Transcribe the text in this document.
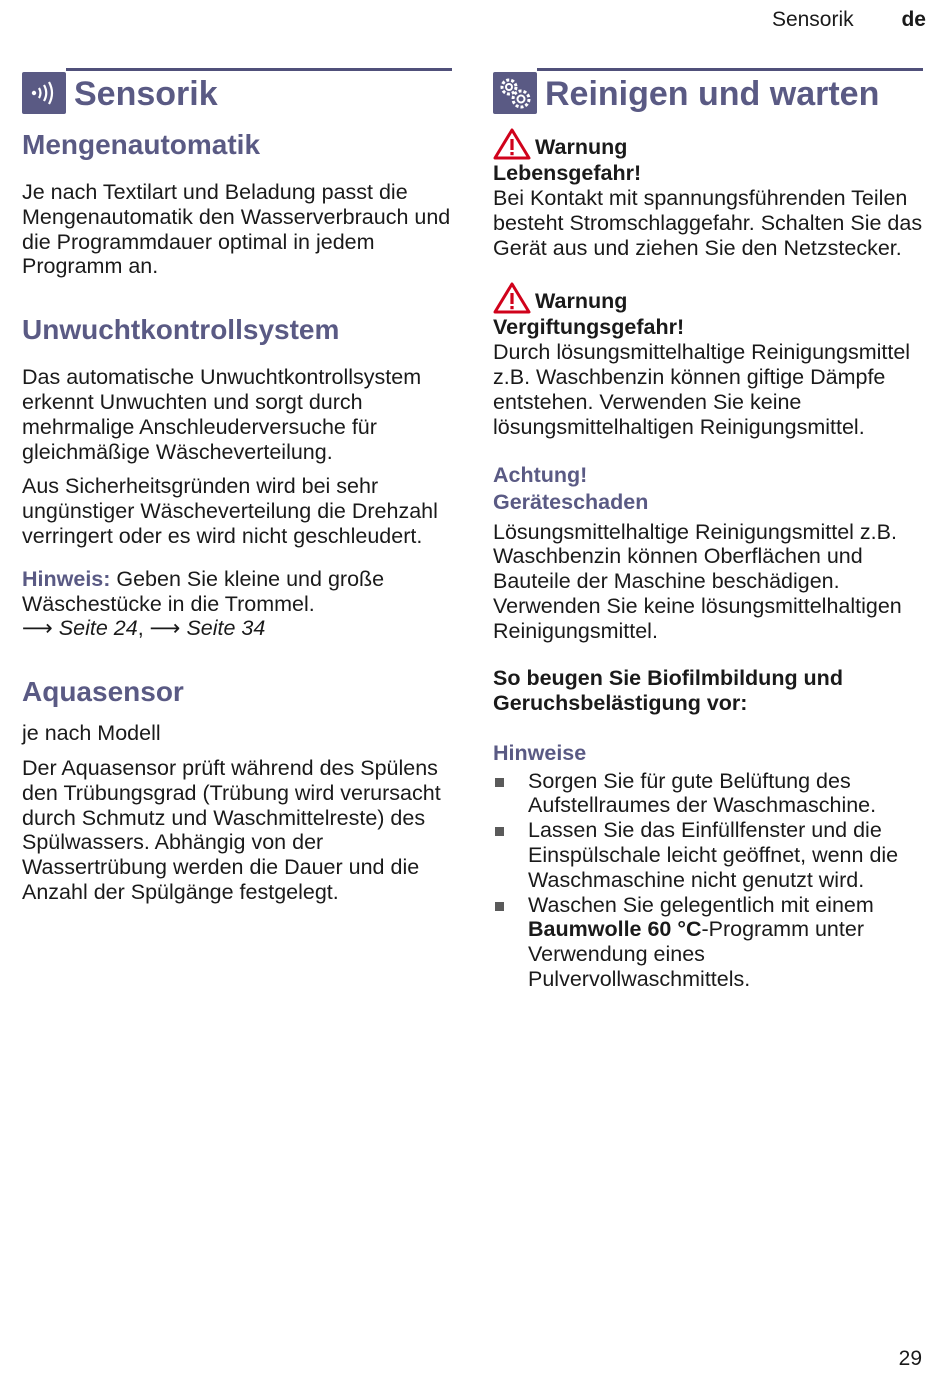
Sensorik de
Sensorik
Mengenautomatik

Je nach Textilart und Beladung passt die Mengenautomatik den Wasserverbrauch und die Programmdauer optimal in jedem Programm an.

Unwuchtkontrollsystem

Das automatische Unwuchtkontrollsystem erkennt Unwuchten und sorgt durch mehrmalige Anschleuderversuche für gleichmäßige Wäscheverteilung.

Aus Sicherheitsgründen wird bei sehr ungünstiger Wäscheverteilung die Drehzahl verringert oder es wird nicht geschleudert.

Hinweis: Geben Sie kleine und große Wäschestücke in die Trommel.
⟶ Seite 24, ⟶ Seite 34

Aquasensor

je nach Modell

Der Aquasensor prüft während des Spülens den Trübungsgrad (Trübung wird verursacht durch Schmutz und Waschmittelreste) des Spülwassers. Abhängig von der Wassertrübung werden die Dauer und die Anzahl der Spülgänge festgelegt.

Reinigen und warten
Warnung

Lebensgefahr!

Bei Kontakt mit spannungsführenden Teilen besteht Stromschlaggefahr. Schalten Sie das Gerät aus und ziehen Sie den Netzstecker.

Warnung

Vergiftungsgefahr!

Durch lösungsmittelhaltige Reinigungsmittel z.B. Waschbenzin können giftige Dämpfe entstehen. Verwenden Sie keine lösungsmittelhaltigen Reinigungsmittel.

Achtung!

Geräteschaden

Lösungsmittelhaltige Reinigungsmittel z.B. Waschbenzin können Oberflächen und Bauteile der Maschine beschädigen.

Verwenden Sie keine lösungsmittelhaltigen Reinigungsmittel.

So beugen Sie Biofilmbildung und Geruchsbelästigung vor:

Hinweise

Sorgen Sie für gute Belüftung des Aufstellraumes der Waschmaschine.
Lassen Sie das Einfüllfenster und die Einspülschale leicht geöffnet, wenn die Waschmaschine nicht genutzt wird.
Waschen Sie gelegentlich mit einem Baumwolle 60 °C-Programm unter Verwendung eines Pulvervollwaschmittels.
29
